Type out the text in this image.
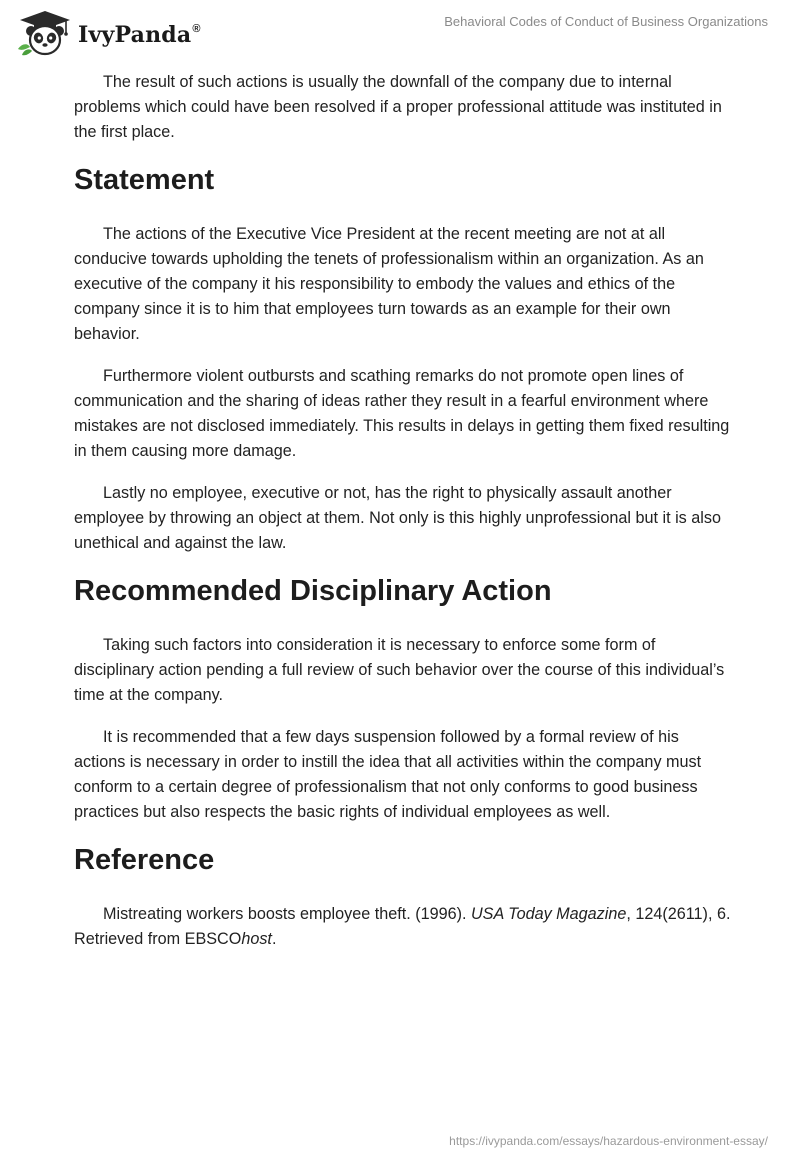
IvyPanda®	Behavioral Codes of Conduct of Business Organizations

The result of such actions is usually the downfall of the company due to internal problems which could have been resolved if a proper professional attitude was instituted in the first place.

Statement

The actions of the Executive Vice President at the recent meeting are not at all conducive towards upholding the tenets of professionalism within an organization. As an executive of the company it his responsibility to embody the values and ethics of the company since it is to him that employees turn towards as an example for their own behavior.

Furthermore violent outbursts and scathing remarks do not promote open lines of communication and the sharing of ideas rather they result in a fearful environment where mistakes are not disclosed immediately. This results in delays in getting them fixed resulting in them causing more damage.

Lastly no employee, executive or not, has the right to physically assault another employee by throwing an object at them. Not only is this highly unprofessional but it is also unethical and against the law.

Recommended Disciplinary Action

Taking such factors into consideration it is necessary to enforce some form of disciplinary action pending a full review of such behavior over the course of this individual’s time at the company.

It is recommended that a few days suspension followed by a formal review of his actions is necessary in order to instill the idea that all activities within the company must conform to a certain degree of professionalism that not only conforms to good business practices but also respects the basic rights of individual employees as well.

Reference

Mistreating workers boosts employee theft. (1996). USA Today Magazine, 124(2611), 6. Retrieved from EBSCOhost.

https://ivypanda.com/essays/hazardous-environment-essay/
